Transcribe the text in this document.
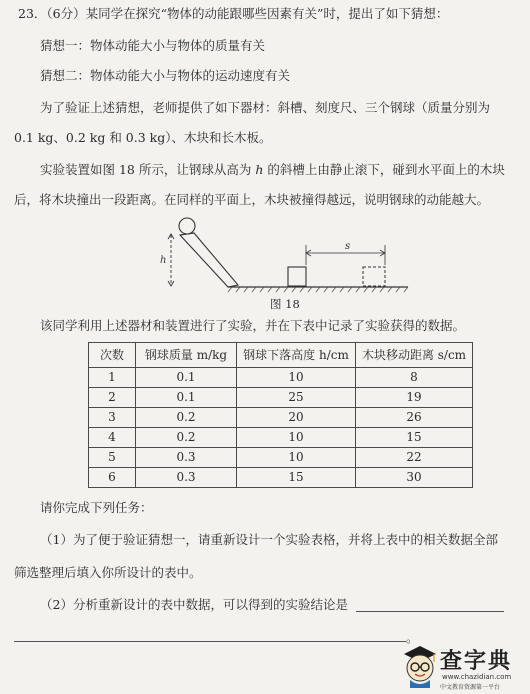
23．（6分）某同学在探究“物体的动能跟哪些因素有关”时，提出了如下猜想：
猜想一：物体动能大小与物体的质量有关
猜想二：物体动能大小与物体的运动速度有关
为了验证上述猜想，老师提供了如下器材：斜槽、刻度尺、三个钢球（质量分别为
0.1 kg、0.2 kg 和 0.3 kg）、木块和长木板。
实验装置如图 18 所示，让钢球从高为 h 的斜槽上由静止滚下，碰到水平面上的木块
后，将木块撞出一段距离。在同样的平面上，木块被撞得越远，说明钢球的动能越大。
h
s
图 18
该同学利用上述器材和装置进行了实验，并在下表中记录了实验获得的数据。
次数	钢球质量 m/kg	钢球下落高度 h/cm	木块移动距离 s/cm
1	0.1	10	8
2	0.1	25	19
3	0.2	20	26
4	0.2	10	15
5	0.3	10	22
6	0.3	15	30
请你完成下列任务：
（1）为了便于验证猜想一，请重新设计一个实验表格，并将上表中的相关数据全部
筛选整理后填入你所设计的表中。
（2）分析重新设计的表中数据，可以得到的实验结论是
。
查字典
www.chazidian.com
中文教育资源第一平台
